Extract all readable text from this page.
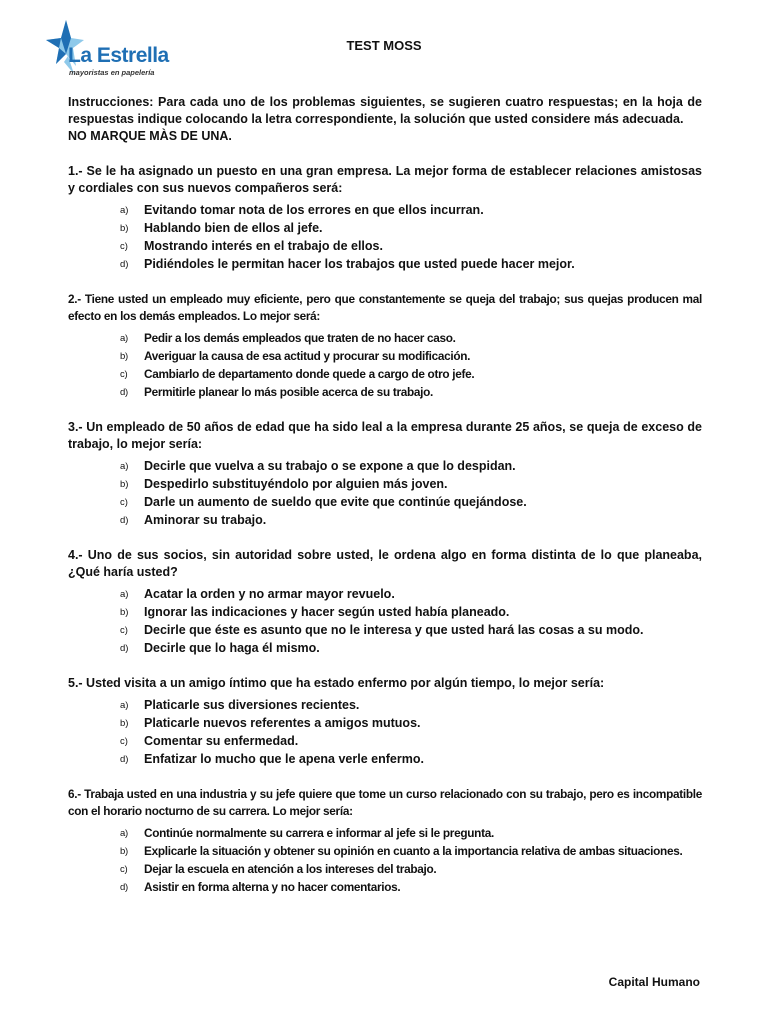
La Estrella
mayoristas en papelería
TEST MOSS
Instrucciones: Para cada uno de los problemas siguientes, se sugieren cuatro respuestas; en la hoja de respuestas indique colocando la letra correspondiente, la solución que usted considere más adecuada.
NO MARQUE MÀS DE UNA.
1.- Se le ha asignado un puesto en una gran empresa. La mejor forma de establecer relaciones amistosas y cordiales con sus nuevos compañeros será:
a) Evitando tomar nota de los errores en que ellos incurran.
b) Hablando bien de ellos al jefe.
c) Mostrando interés en el trabajo de ellos.
d) Pidiéndoles le permitan hacer los trabajos que usted puede hacer mejor.
2.- Tiene usted un empleado muy eficiente, pero que constantemente se queja del trabajo; sus quejas producen mal efecto en los demás empleados. Lo mejor será:
a) Pedir a los demás empleados que traten de no hacer caso.
b) Averiguar la causa de esa actitud y procurar su modificación.
c) Cambiarlo de departamento donde quede a cargo de otro jefe.
d) Permitirle planear lo más posible acerca de su trabajo.
3.- Un empleado de 50 años de edad que ha sido leal a la empresa durante 25 años, se queja de exceso de trabajo, lo mejor sería:
a) Decirle que vuelva a su trabajo o se expone a que lo despidan.
b) Despedirlo substituyéndolo por alguien más joven.
c) Darle un aumento de sueldo que evite que continúe quejándose.
d) Aminorar su trabajo.
4.- Uno de sus socios, sin autoridad sobre usted, le ordena algo en forma distinta de lo que planeaba, ¿Qué haría usted?
a) Acatar la orden y no armar mayor revuelo.
b) Ignorar las indicaciones y hacer según usted había planeado.
c) Decirle que éste es asunto que no le interesa y que usted hará las cosas a su modo.
d) Decirle que lo haga él mismo.
5.- Usted visita a un amigo íntimo que ha estado enfermo por algún tiempo, lo mejor sería:
a) Platicarle sus diversiones recientes.
b) Platicarle nuevos referentes a amigos mutuos.
c) Comentar su enfermedad.
d) Enfatizar lo mucho que le apena verle enfermo.
6.- Trabaja usted en una industria y su jefe quiere que tome un curso relacionado con su trabajo, pero es incompatible con el horario nocturno de su carrera. Lo mejor sería:
a) Continúe normalmente su carrera e informar al jefe si le pregunta.
b) Explicarle la situación y obtener su opinión en cuanto a la importancia relativa de ambas situaciones.
c) Dejar la escuela en atención a los intereses del trabajo.
d) Asistir en forma alterna y no hacer comentarios.
Capital Humano
